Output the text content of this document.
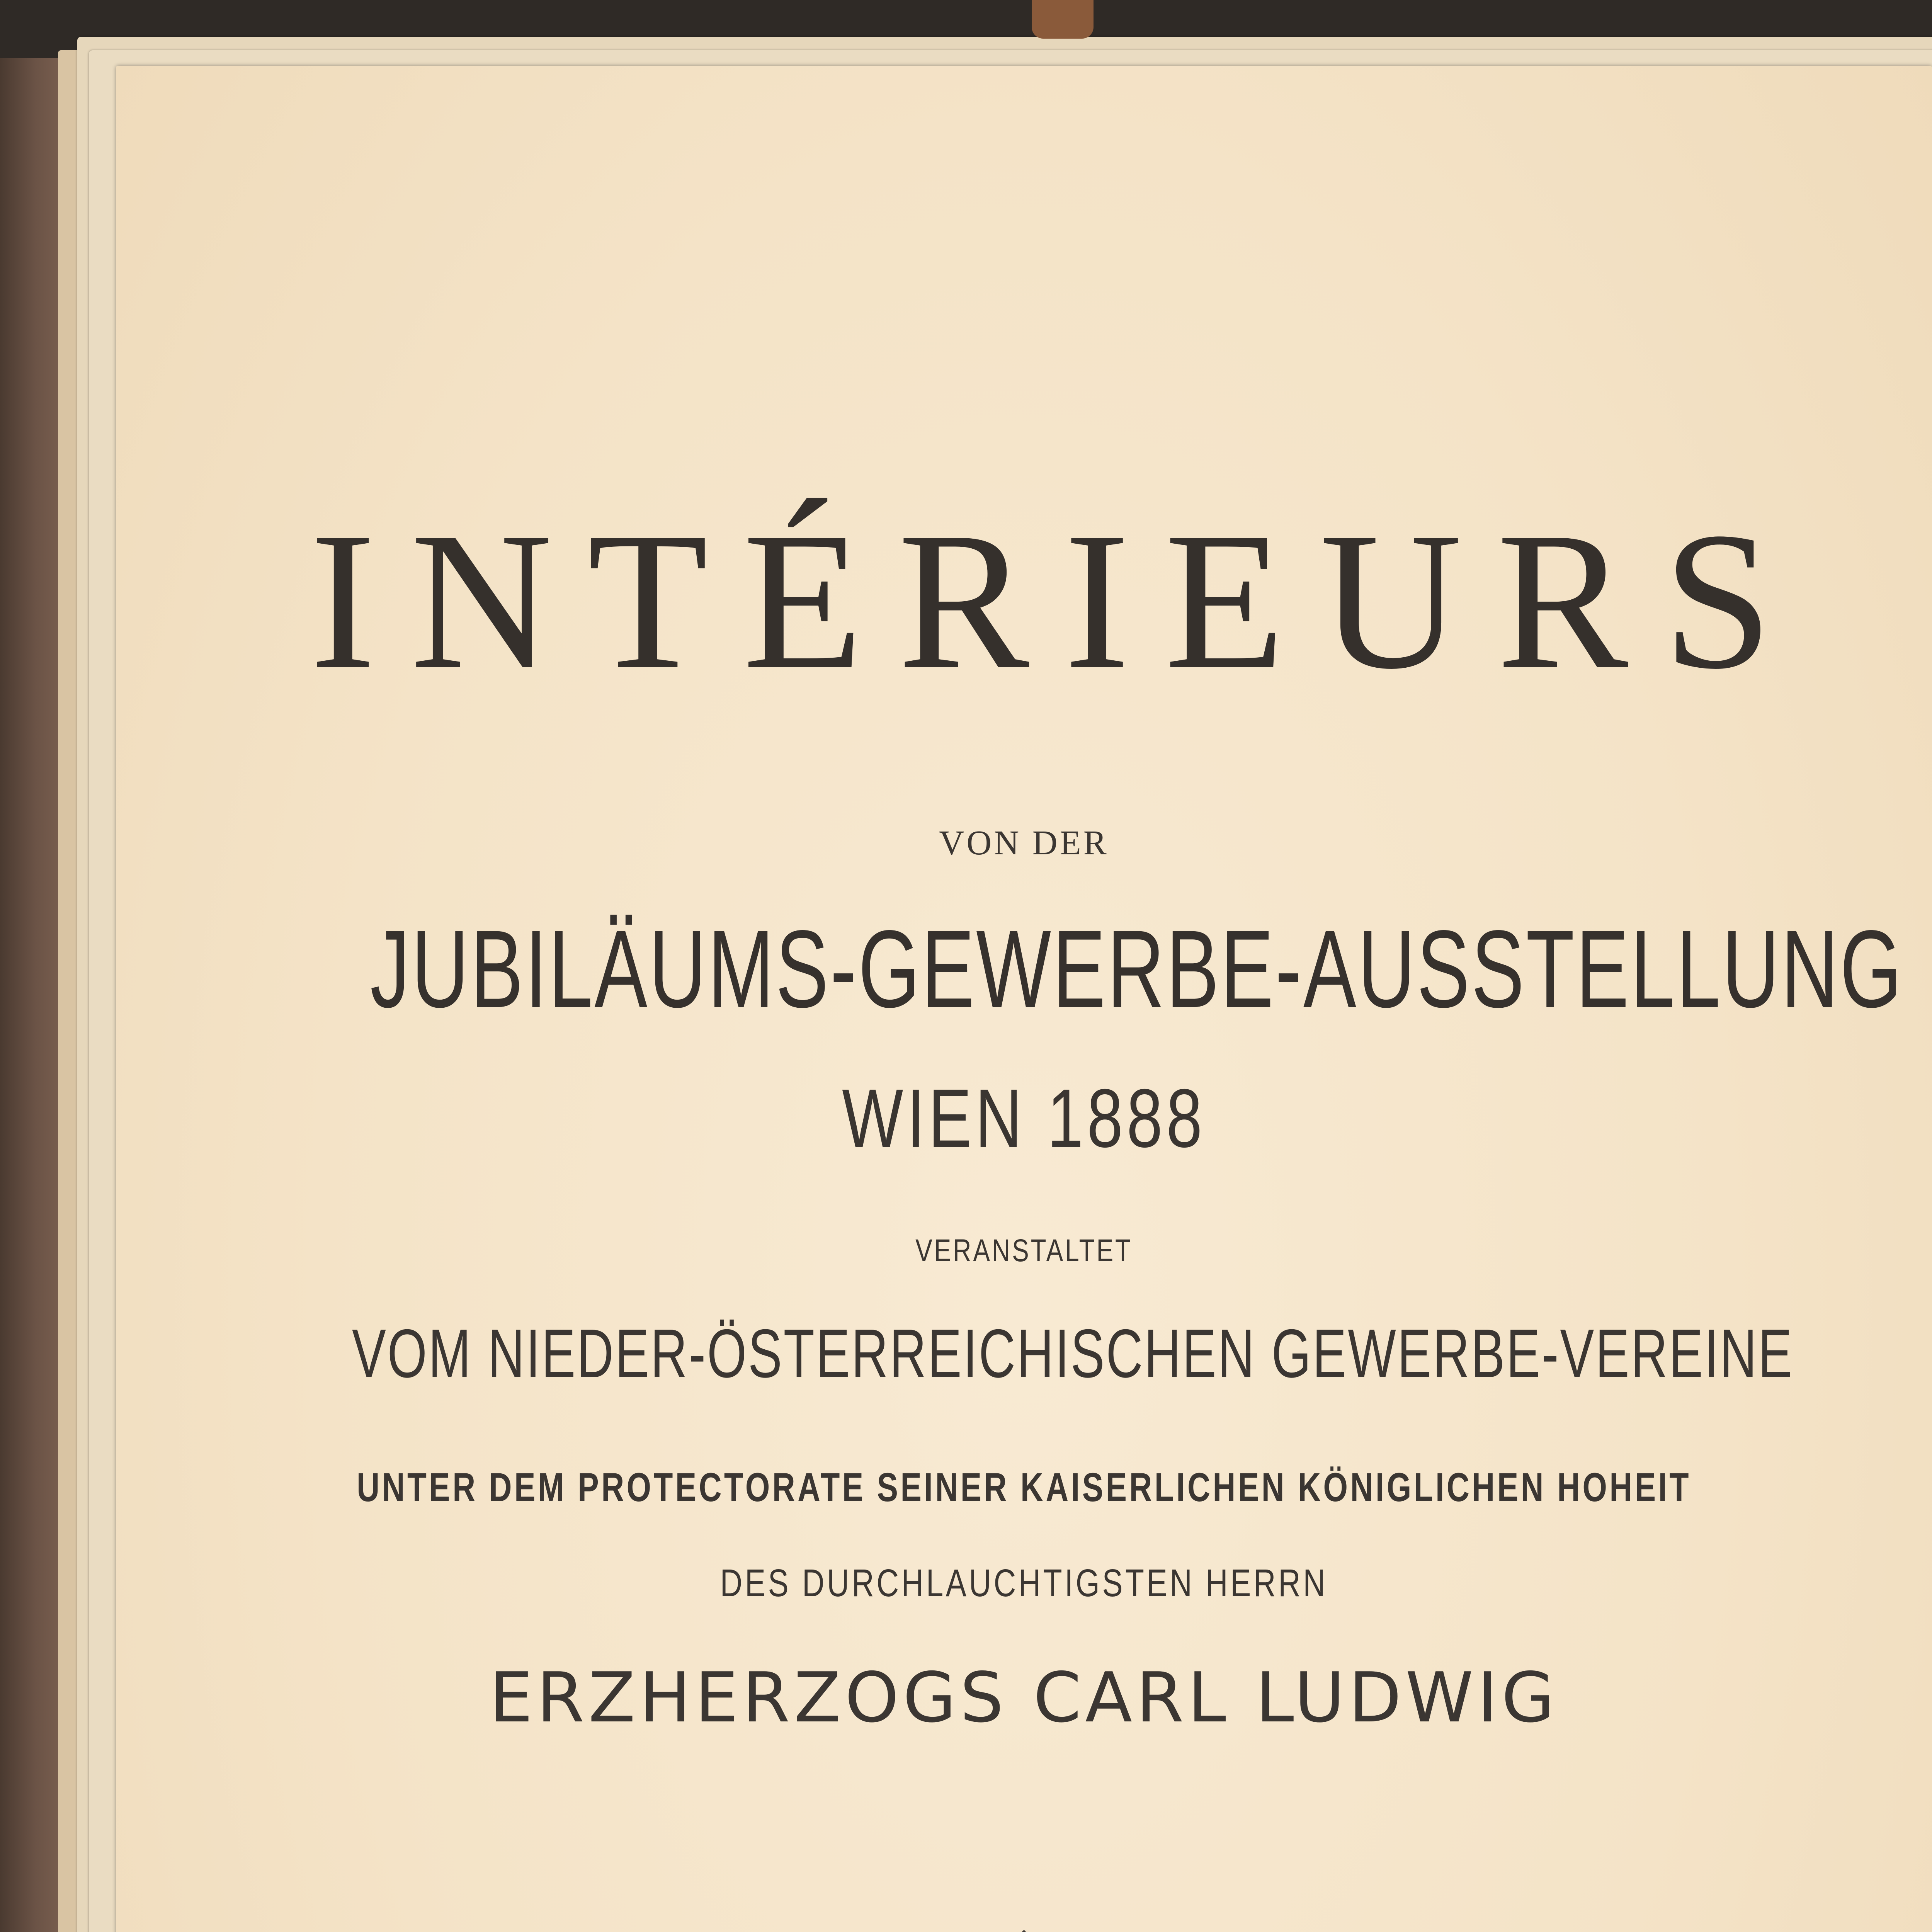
INTÉRIEURS
VON DER
JUBILÄUMS-GEWERBE-AUSSTELLUNG
WIEN 1888
VERANSTALTET
VOM NIEDER-ÖSTERREICHISCHEN GEWERBE-VEREINE
UNTER DEM PROTECTORATE SEINER KAISERLICHEN KÖNIGLICHEN HOHEIT
DES DURCHLAUCHTIGSTEN HERRN
ERZHERZOGS CARL LUDWIG
